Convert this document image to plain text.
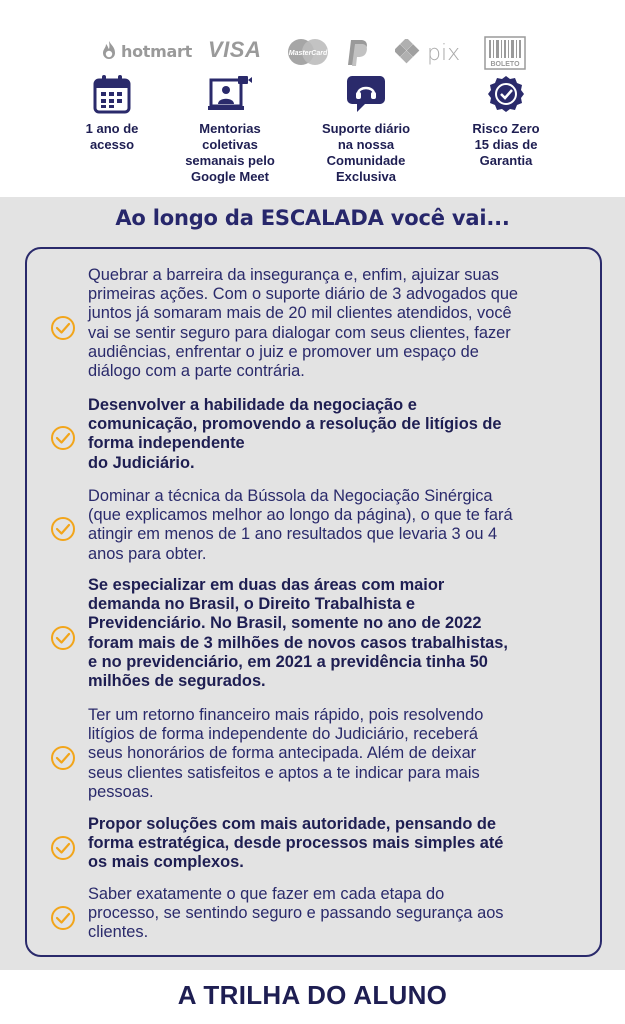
hotmart VISA	MasterCard	pix	BOLETO
1 ano de
acesso
Mentorias
coletivas
semanais pelo
Google Meet
Suporte diário
na nossa
Comunidade
Exclusiva
Risco Zero
15 dias de
Garantia
Ao longo da ESCALADA você vai...
Quebrar a barreira da insegurança e, enfim, ajuizar suas
primeiras ações. Com o suporte diário de 3 advogados que
juntos já somaram mais de 20 mil clientes atendidos, você
vai se sentir seguro para dialogar com seus clientes, fazer
audiências, enfrentar o juiz e promover um espaço de
diálogo com a parte contrária.
Desenvolver a habilidade da negociação e
comunicação, promovendo a resolução de litígios de
forma independente
do Judiciário.
Dominar a técnica da Bússola da Negociação Sinérgica
(que explicamos melhor ao longo da página), o que te fará
atingir em menos de 1 ano resultados que levaria 3 ou 4
anos para obter.
Se especializar em duas das áreas com maior
demanda no Brasil, o Direito Trabalhista e
Previdenciário. No Brasil, somente no ano de 2022
foram mais de 3 milhões de novos casos trabalhistas,
e no previdenciário, em 2021 a previdência tinha 50
milhões de segurados.
Ter um retorno financeiro mais rápido, pois resolvendo
litígios de forma independente do Judiciário, receberá
seus honorários de forma antecipada. Além de deixar
seus clientes satisfeitos e aptos a te indicar para mais
pessoas.
Propor soluções com mais autoridade, pensando de
forma estratégica, desde processos mais simples até
os mais complexos.
Saber exatamente o que fazer em cada etapa do
processo, se sentindo seguro e passando segurança aos
clientes.
A TRILHA DO ALUNO
